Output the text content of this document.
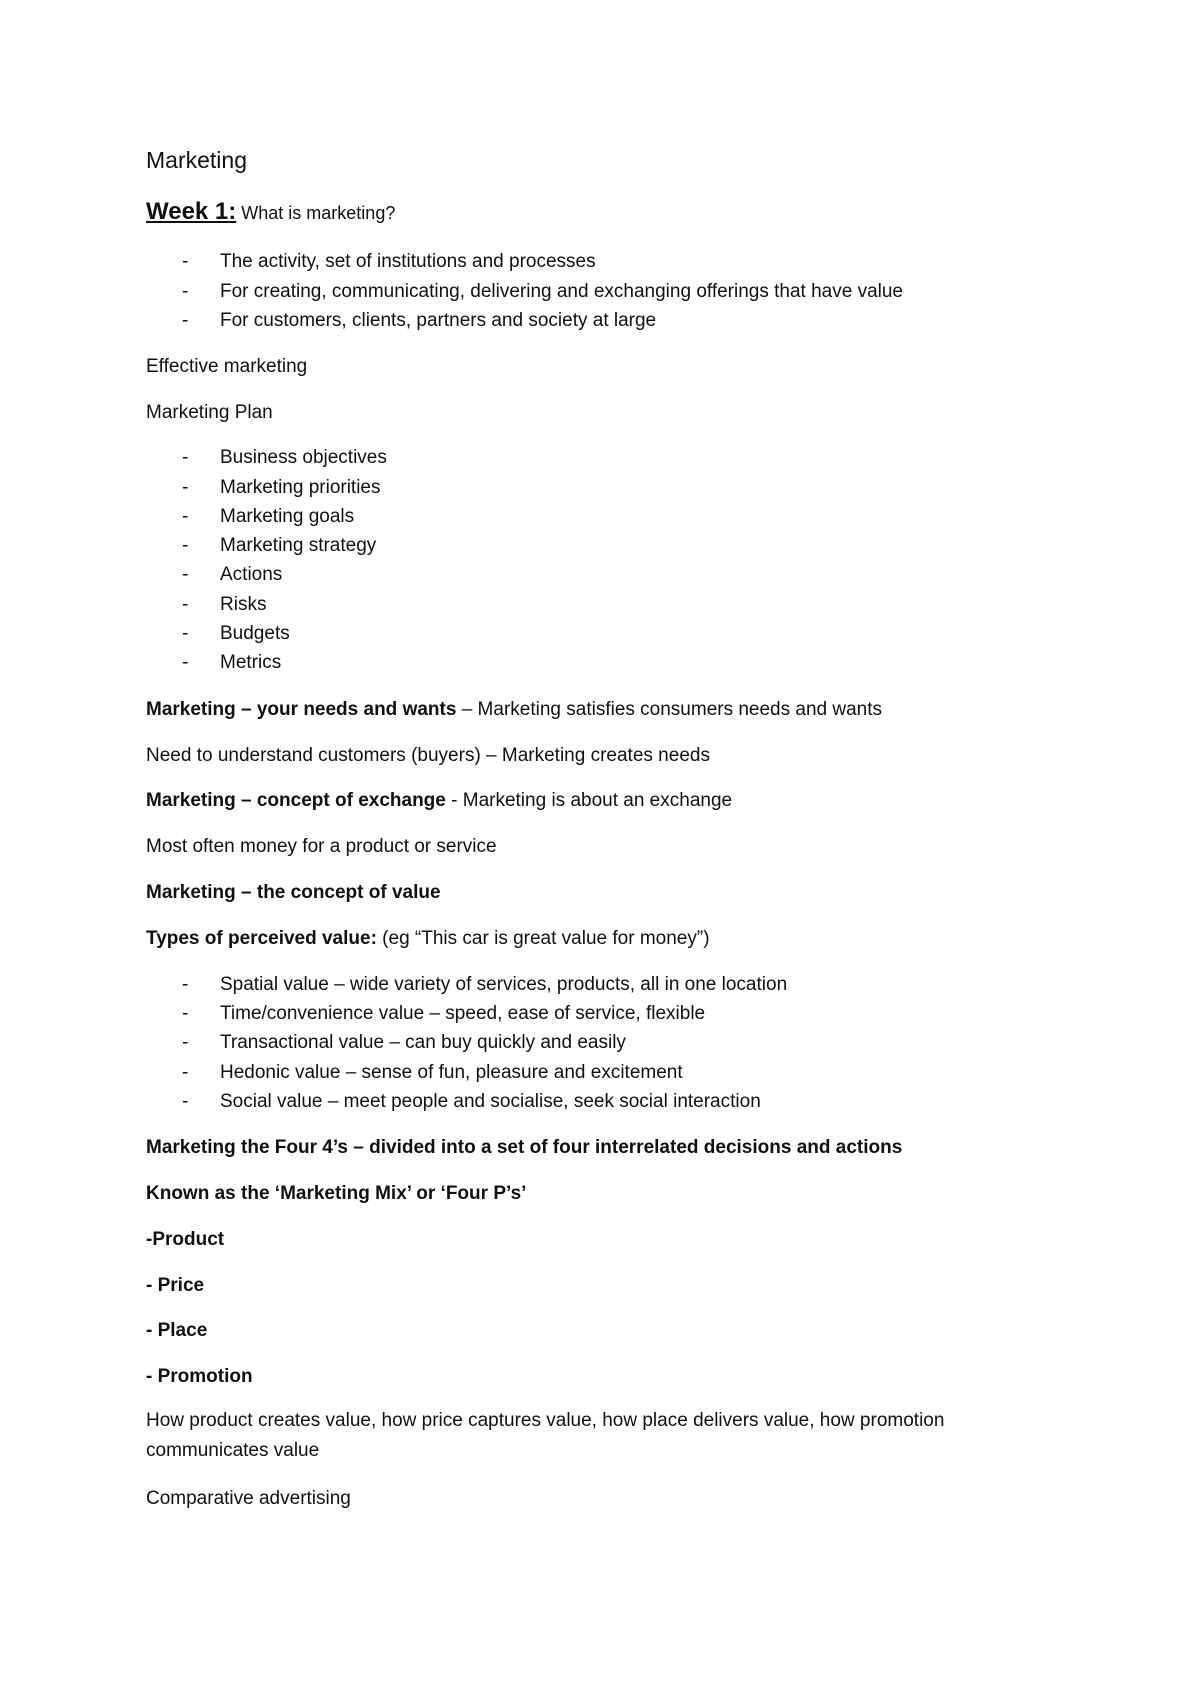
Marketing
Week 1: What is marketing?
- The activity, set of institutions and processes
- For creating, communicating, delivering and exchanging offerings that have value
- For customers, clients, partners and society at large
Effective marketing
Marketing Plan
- Business objectives
- Marketing priorities
- Marketing goals
- Marketing strategy
- Actions
- Risks
- Budgets
- Metrics
Marketing – your needs and wants – Marketing satisfies consumers needs and wants
Need to understand customers (buyers) – Marketing creates needs
Marketing – concept of exchange - Marketing is about an exchange
Most often money for a product or service
Marketing – the concept of value
Types of perceived value: (eg “This car is great value for money”)
- Spatial value – wide variety of services, products, all in one location
- Time/convenience value – speed, ease of service, flexible
- Transactional value – can buy quickly and easily
- Hedonic value – sense of fun, pleasure and excitement
- Social value – meet people and socialise, seek social interaction
Marketing the Four 4’s – divided into a set of four interrelated decisions and actions
Known as the ‘Marketing Mix’ or ‘Four P’s’
-Product
- Price
- Place
- Promotion
How product creates value, how price captures value, how place delivers value, how promotion communicates value
Comparative advertising
